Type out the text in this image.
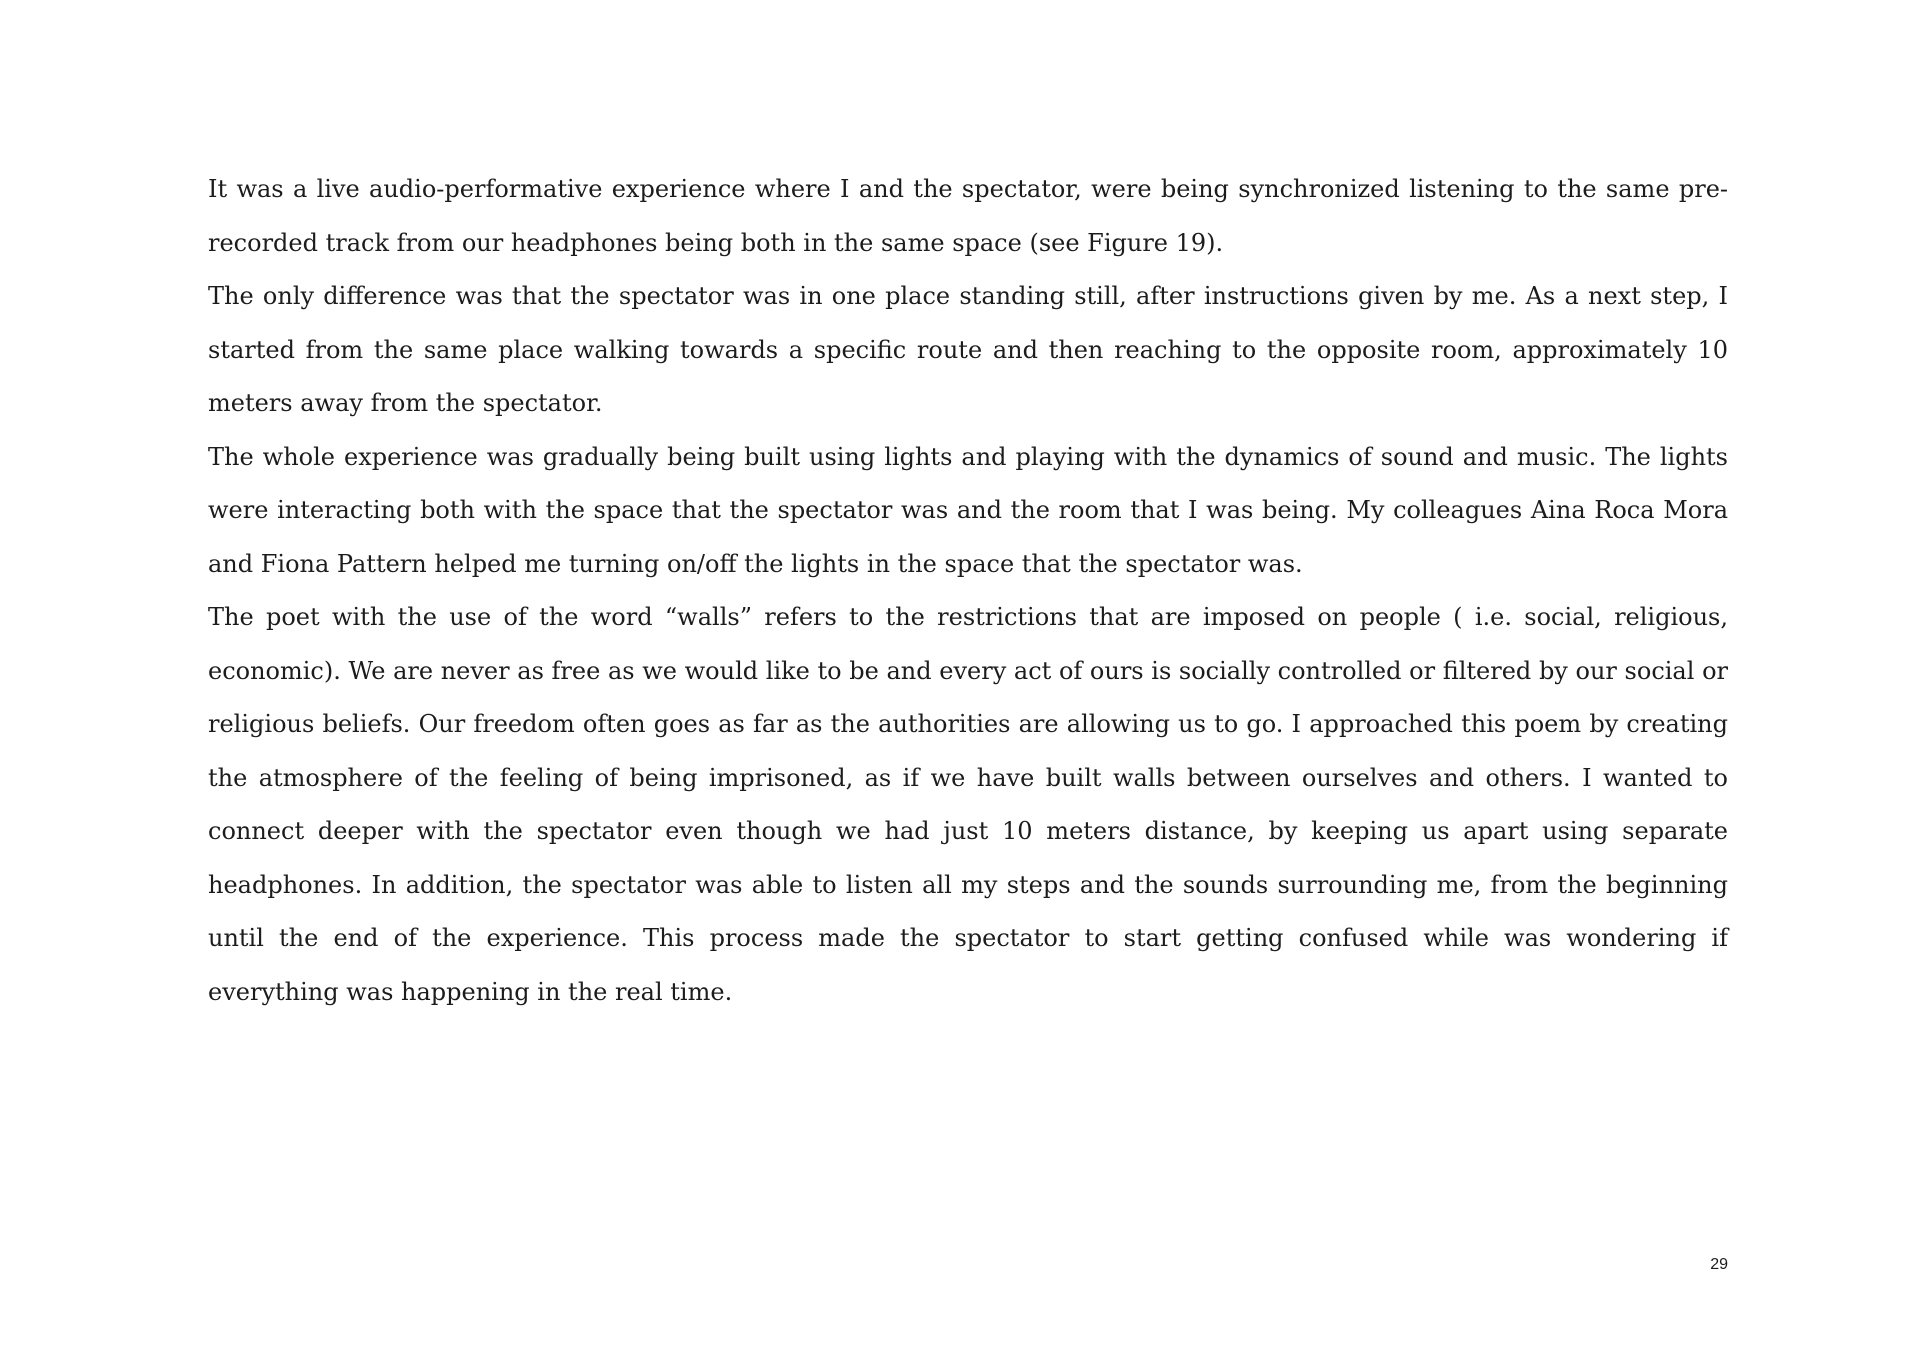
It was a live audio-performative experience where I and the spectator, were being synchronized listening to the same pre-recorded track from our headphones being both in the same space (see Figure 19).

The only difference was that the spectator was in one place standing still, after instructions given by me. As a next step, I started from the same place walking towards a specific route and then reaching to the opposite room, approximately 10 meters away from the spectator.

The whole experience was gradually being built using lights and playing with the dynamics of sound and music. The lights were interacting both with the space that the spectator was and the room that I was being. My colleagues Aina Roca Mora and Fiona Pattern helped me turning on/off the lights in the space that the spectator was.

The poet with the use of the word “walls” refers to the restrictions that are imposed on people ( i.e. social, religious, economic). We are never as free as we would like to be and every act of ours is socially controlled or filtered by our social or religious beliefs. Our freedom often goes as far as the authorities are allowing us to go. I approached this poem by creating the atmosphere of the feeling of being imprisoned, as if we have built walls between ourselves and others. I wanted to connect deeper with the spectator even though we had just 10 meters distance, by keeping us apart using separate headphones. In addition, the spectator was able to listen all my steps and the sounds surrounding me, from the beginning until the end of the experience. This process made the spectator to start getting confused while was wondering if everything was happening in the real time.

29
